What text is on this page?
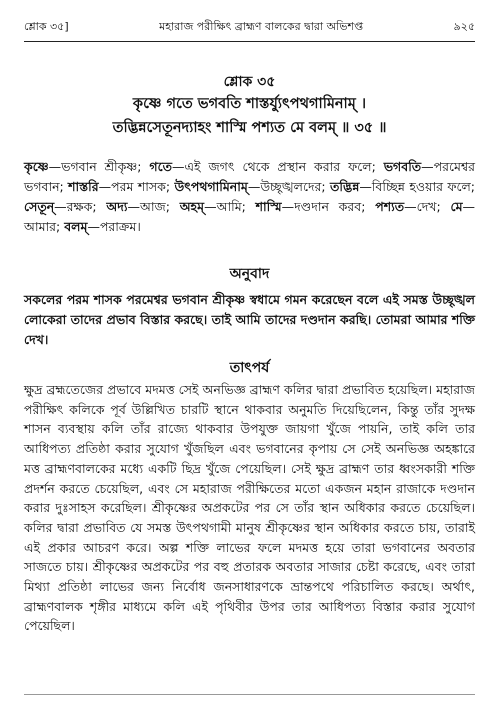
শ্লোক ৩৫]	মহারাজ পরীক্ষিৎ ব্রাহ্মণ বালকের দ্বারা অভিশপ্ত	৯২৫
শ্লোক ৩৫
কৃষ্ণে গতে ভগবতি শাস্তর্য্যুৎপথগামিনাম্ ।
তদ্ভিন্নসেতূনদ্যাহং শাস্মি পশ্যত মে বলম্ ॥ ৩৫ ॥
কৃষ্ণে—ভগবান শ্রীকৃষ্ণ; গতে—এই জগৎ থেকে প্রস্থান করার ফলে; ভগবতি—পরমেশ্বর ভগবান; শাস্তরি—পরম শাসক; উৎপথগামিনাম্—উচ্ছৃঙ্খলদের; তদ্ভিন্ন—বিচ্ছিন্ন হওয়ার ফলে; সেতূন্—রক্ষক; অদ্য—আজ; অহম্—আমি; শাস্মি—দণ্ডদান করব; পশ্যত—দেখ; মে—আমার; বলম্—পরাক্রম।
অনুবাদ
সকলের পরম শাসক পরমেশ্বর ভগবান শ্রীকৃষ্ণ স্বধামে গমন করেছেন বলে এই সমস্ত উচ্ছৃঙ্খল লোকেরা তাদের প্রভাব বিস্তার করছে। তাই আমি তাদের দণ্ডদান করছি। তোমরা আমার শক্তি দেখ।
তাৎপর্য
ক্ষুদ্র ব্রহ্মতেজের প্রভাবে মদমত্ত সেই অনভিজ্ঞ ব্রাহ্মণ কলির দ্বারা প্রভাবিত হয়েছিল। মহারাজ পরীক্ষিৎ কলিকে পূর্ব উল্লিখিত চারটি স্থানে থাকবার অনুমতি দিয়েছিলেন, কিন্তু তাঁর সুদক্ষ শাসন ব্যবস্থায় কলি তাঁর রাজ্যে থাকবার উপযুক্ত জায়গা খুঁজে পায়নি, তাই কলি তার আধিপত্য প্রতিষ্ঠা করার সুযোগ খুঁজছিল এবং ভগবানের কৃপায় সে সেই অনভিজ্ঞ অহঙ্কারে মত্ত ব্রাহ্মণবালকের মধ্যে একটি ছিদ্র খুঁজে পেয়েছিল। সেই ক্ষুদ্র ব্রাহ্মণ তার ধ্বংসকারী শক্তি প্রদর্শন করতে চেয়েছিল, এবং সে মহারাজ পরীক্ষিতের মতো একজন মহান রাজাকে দণ্ডদান করার দুঃসাহস করেছিল। শ্রীকৃষ্ণের অপ্রকটের পর সে তাঁর স্থান অধিকার করতে চেয়েছিল। কলির দ্বারা প্রভাবিত যে সমস্ত উৎপথগামী মানুষ শ্রীকৃষ্ণের স্থান অধিকার করতে চায়, তারাই এই প্রকার আচরণ করে। অল্প শক্তি লাভের ফলে মদমত্ত হয়ে তারা ভগবানের অবতার সাজতে চায়। শ্রীকৃষ্ণের অপ্রকটের পর বহু প্রতারক অবতার সাজার চেষ্টা করেছে, এবং তারা মিথ্যা প্রতিষ্ঠা লাভের জন্য নির্বোধ জনসাধারণকে ভ্রান্তপথে পরিচালিত করছে। অর্থাৎ, ব্রাহ্মণবালক শৃঙ্গীর মাধ্যমে কলি এই পৃথিবীর উপর তার আধিপত্য বিস্তার করার সুযোগ পেয়েছিল।
